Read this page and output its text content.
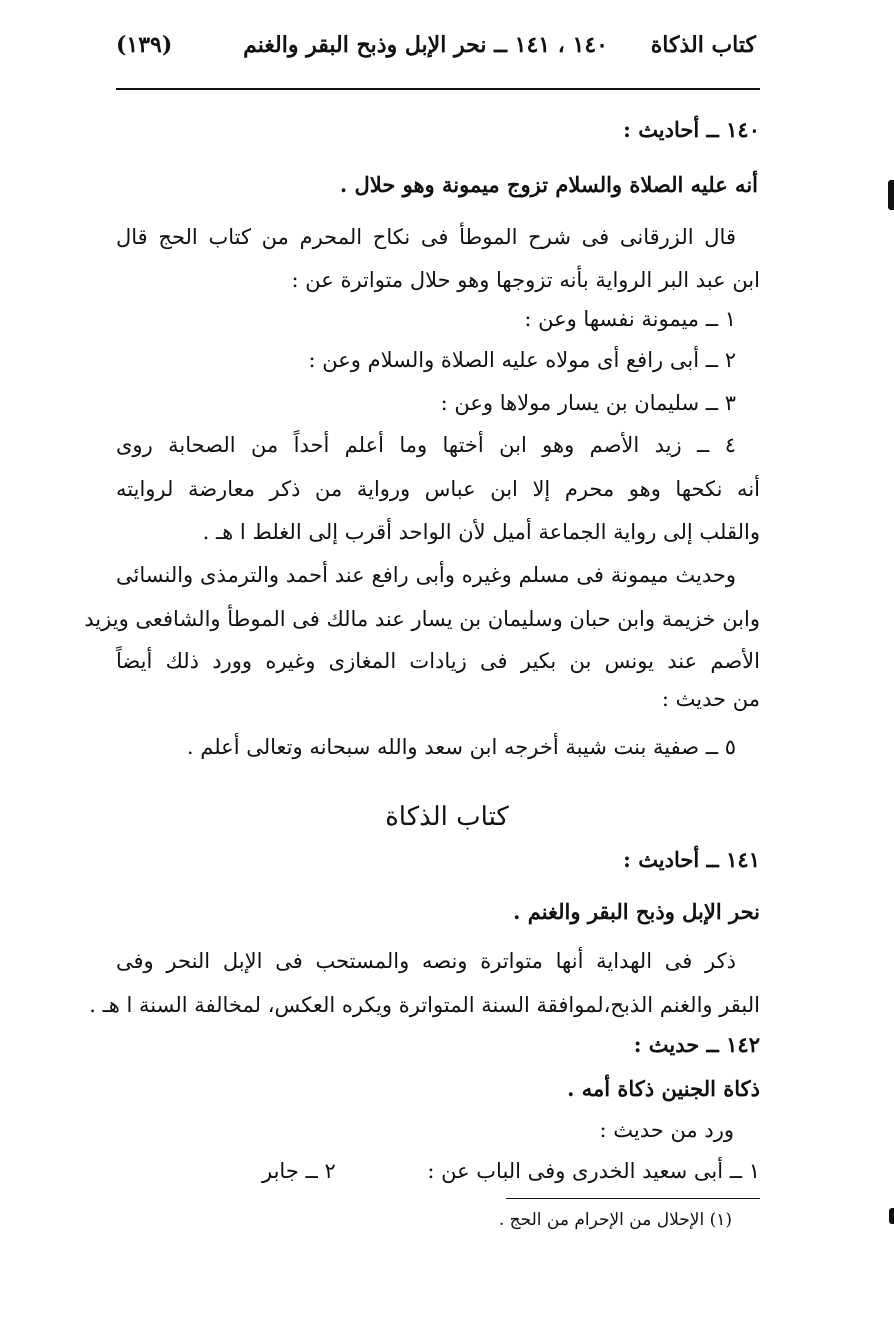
كتاب الذكاة
١٤٠ ، ١٤١ ــ نحر الإبل وذبح البقر والغنم
(١٣٩)
١٤٠ ــ أحاديث :
أنه عليه الصلاة والسلام تزوج ميمونة وهو حلال .
قال الزرقانى فى شرح الموطأ فى نكاح المحرم من كتاب الحج قال
ابن عبد البر الرواية بأنه تزوجها وهو حلال متواترة عن :
١ ــ ميمونة نفسها وعن :
٢ ــ أبى رافع أى مولاه عليه الصلاة والسلام وعن :
٣ ــ سليمان بن يسار مولاها وعن :
٤ ــ زيد الأصم وهو ابن أختها وما أعلم أحداً من الصحابة روى
أنه نكحها وهو محرم إلا ابن عباس ورواية من ذكر معارضة لروايته
والقلب إلى رواية الجماعة أميل لأن الواحد أقرب إلى الغلط ا هـ .
وحديث ميمونة فى مسلم وغيره وأبى رافع عند أحمد والترمذى والنسائى
وابن خزيمة وابن حبان وسليمان بن يسار عند مالك فى الموطأ والشافعى ويزيد
الأصم عند يونس بن بكير فى زيادات المغازى وغيره وورد ذلك أيضاً
من حديث :
٥ ــ صفية بنت شيبة أخرجه ابن سعد والله سبحانه وتعالى أعلم .
كتاب الذكاة
١٤١ ــ أحاديث :
نحر الإبل وذبح البقر والغنم .
ذكر فى الهداية أنها متواترة ونصه والمستحب فى الإبل النحر وفى
البقر والغنم الذبح،لموافقة السنة المتواترة ويكره العكس، لمخالفة السنة ا هـ .
١٤٢ ــ حديث :
ذكاة الجنين ذكاة أمه .
ورد من حديث :
١ ــ أبى سعيد الخدرى وفى الباب عن :
٢ ــ جابر
(١) الإحلال من الإحرام من الحج .
